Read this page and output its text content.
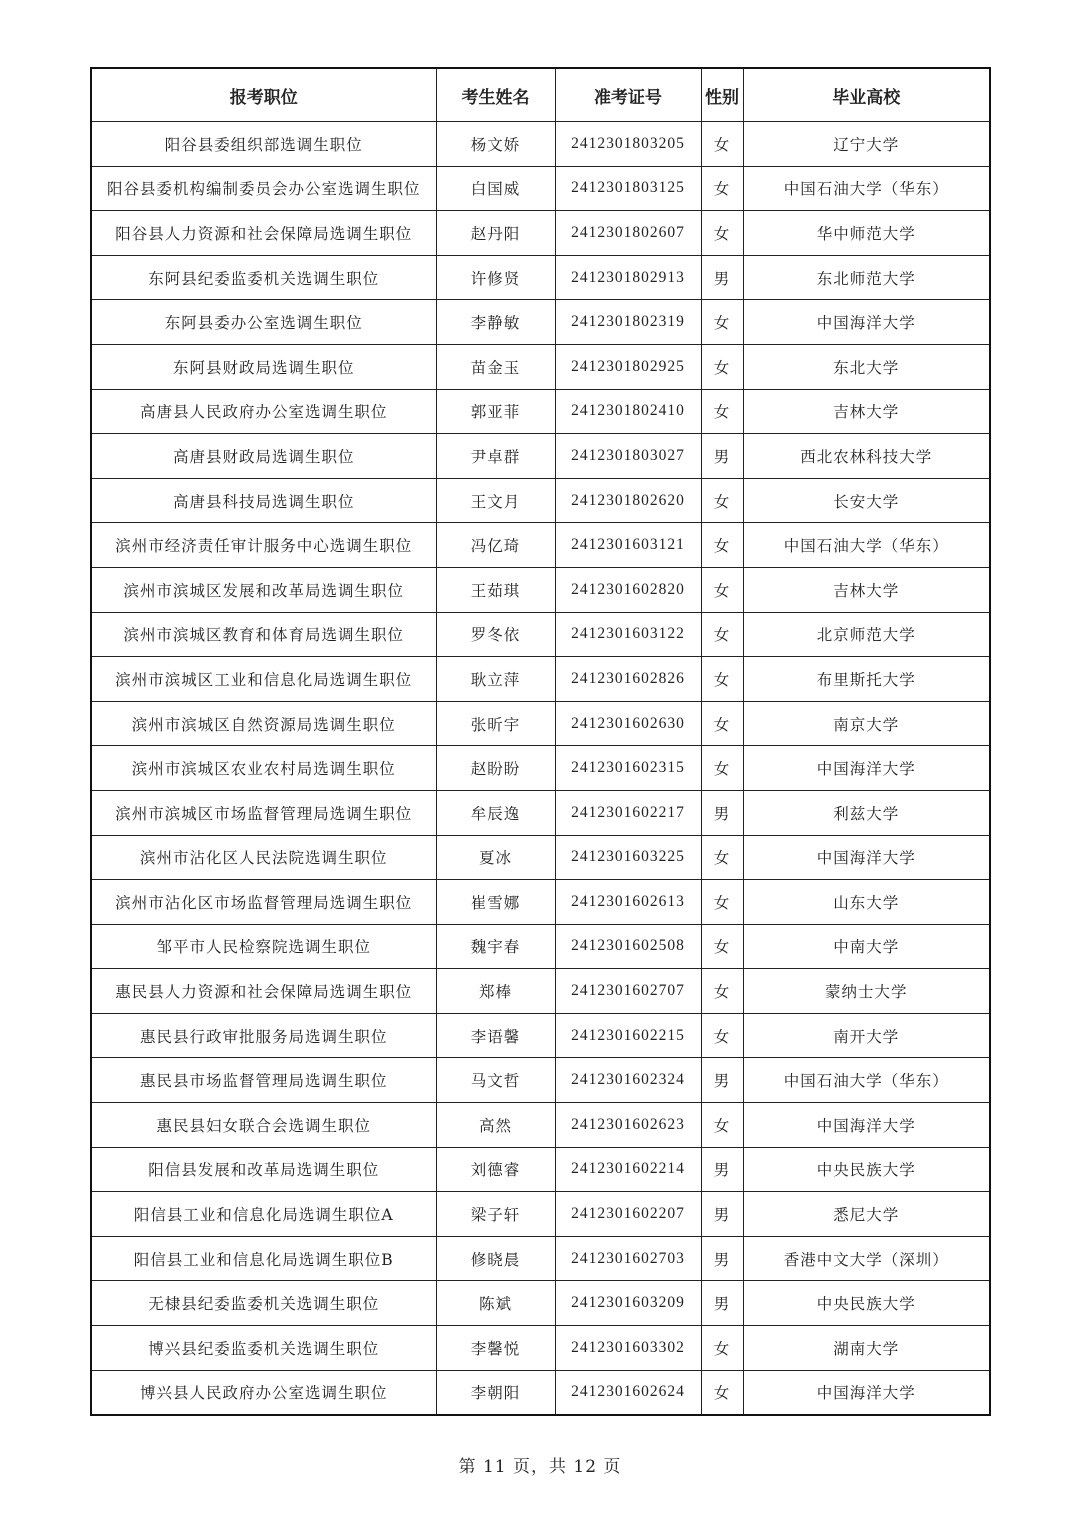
报考职位	考生姓名	准考证号	性别	毕业高校
阳谷县委组织部选调生职位	杨文娇	2412301803205	女	辽宁大学
阳谷县委机构编制委员会办公室选调生职位	白国威	2412301803125	女	中国石油大学（华东）
阳谷县人力资源和社会保障局选调生职位	赵丹阳	2412301802607	女	华中师范大学
东阿县纪委监委机关选调生职位	许修贤	2412301802913	男	东北师范大学
东阿县委办公室选调生职位	李静敏	2412301802319	女	中国海洋大学
东阿县财政局选调生职位	苗金玉	2412301802925	女	东北大学
高唐县人民政府办公室选调生职位	郭亚菲	2412301802410	女	吉林大学
高唐县财政局选调生职位	尹卓群	2412301803027	男	西北农林科技大学
高唐县科技局选调生职位	王文月	2412301802620	女	长安大学
滨州市经济责任审计服务中心选调生职位	冯亿琦	2412301603121	女	中国石油大学（华东）
滨州市滨城区发展和改革局选调生职位	王茹琪	2412301602820	女	吉林大学
滨州市滨城区教育和体育局选调生职位	罗冬依	2412301603122	女	北京师范大学
滨州市滨城区工业和信息化局选调生职位	耿立萍	2412301602826	女	布里斯托大学
滨州市滨城区自然资源局选调生职位	张昕宇	2412301602630	女	南京大学
滨州市滨城区农业农村局选调生职位	赵盼盼	2412301602315	女	中国海洋大学
滨州市滨城区市场监督管理局选调生职位	牟辰逸	2412301602217	男	利兹大学
滨州市沾化区人民法院选调生职位	夏冰	2412301603225	女	中国海洋大学
滨州市沾化区市场监督管理局选调生职位	崔雪娜	2412301602613	女	山东大学
邹平市人民检察院选调生职位	魏宇春	2412301602508	女	中南大学
惠民县人力资源和社会保障局选调生职位	郑棒	2412301602707	女	蒙纳士大学
惠民县行政审批服务局选调生职位	李语馨	2412301602215	女	南开大学
惠民县市场监督管理局选调生职位	马文哲	2412301602324	男	中国石油大学（华东）
惠民县妇女联合会选调生职位	高然	2412301602623	女	中国海洋大学
阳信县发展和改革局选调生职位	刘德睿	2412301602214	男	中央民族大学
阳信县工业和信息化局选调生职位A	梁子轩	2412301602207	男	悉尼大学
阳信县工业和信息化局选调生职位B	修晓晨	2412301602703	男	香港中文大学（深圳）
无棣县纪委监委机关选调生职位	陈斌	2412301603209	男	中央民族大学
博兴县纪委监委机关选调生职位	李馨悦	2412301603302	女	湖南大学
博兴县人民政府办公室选调生职位	李朝阳	2412301602624	女	中国海洋大学
第 11 页，共 12 页
